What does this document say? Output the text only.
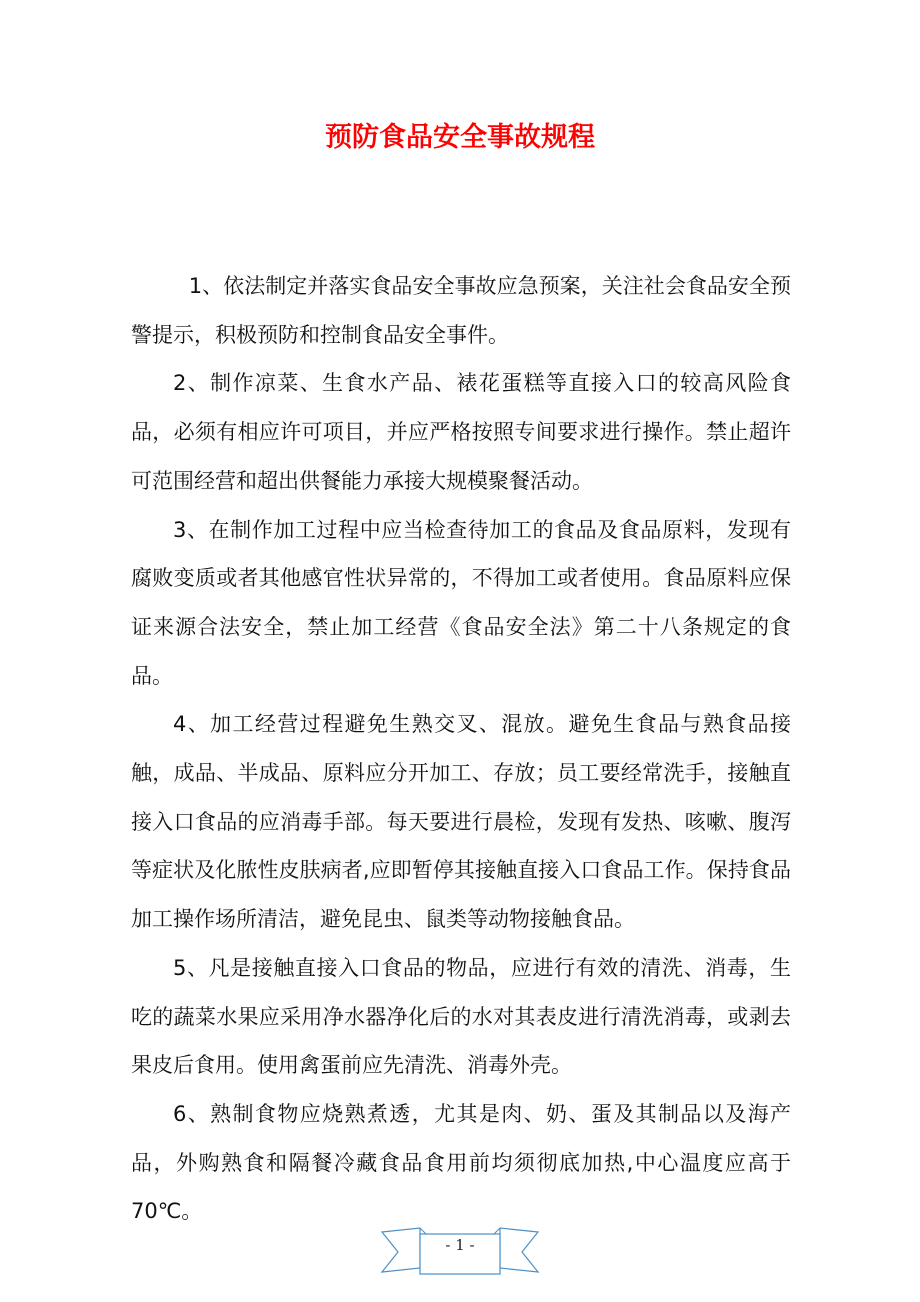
预防食品安全事故规程

1、依法制定并落实食品安全事故应急预案，关注社会食品安全预警提示，积极预防和控制食品安全事件。

2、制作凉菜、生食水产品、裱花蛋糕等直接入口的较高风险食品，必须有相应许可项目，并应严格按照专间要求进行操作。禁止超许可范围经营和超出供餐能力承接大规模聚餐活动。

3、在制作加工过程中应当检查待加工的食品及食品原料，发现有腐败变质或者其他感官性状异常的，不得加工或者使用。食品原料应保证来源合法安全，禁止加工经营《食品安全法》第二十八条规定的食品。

4、加工经营过程避免生熟交叉、混放。避免生食品与熟食品接触，成品、半成品、原料应分开加工、存放；员工要经常洗手，接触直接入口食品的应消毒手部。每天要进行晨检，发现有发热、咳嗽、腹泻等症状及化脓性皮肤病者,应即暂停其接触直接入口食品工作。保持食品加工操作场所清洁，避免昆虫、鼠类等动物接触食品。

5、凡是接触直接入口食品的物品，应进行有效的清洗、消毒，生吃的蔬菜水果应采用净水器净化后的水对其表皮进行清洗消毒，或剥去果皮后食用。使用禽蛋前应先清洗、消毒外壳。

6、熟制食物应烧熟煮透，尤其是肉、奶、蛋及其制品以及海产品，外购熟食和隔餐冷藏食品食用前均须彻底加热,中心温度应高于 70℃。

- 1 -
